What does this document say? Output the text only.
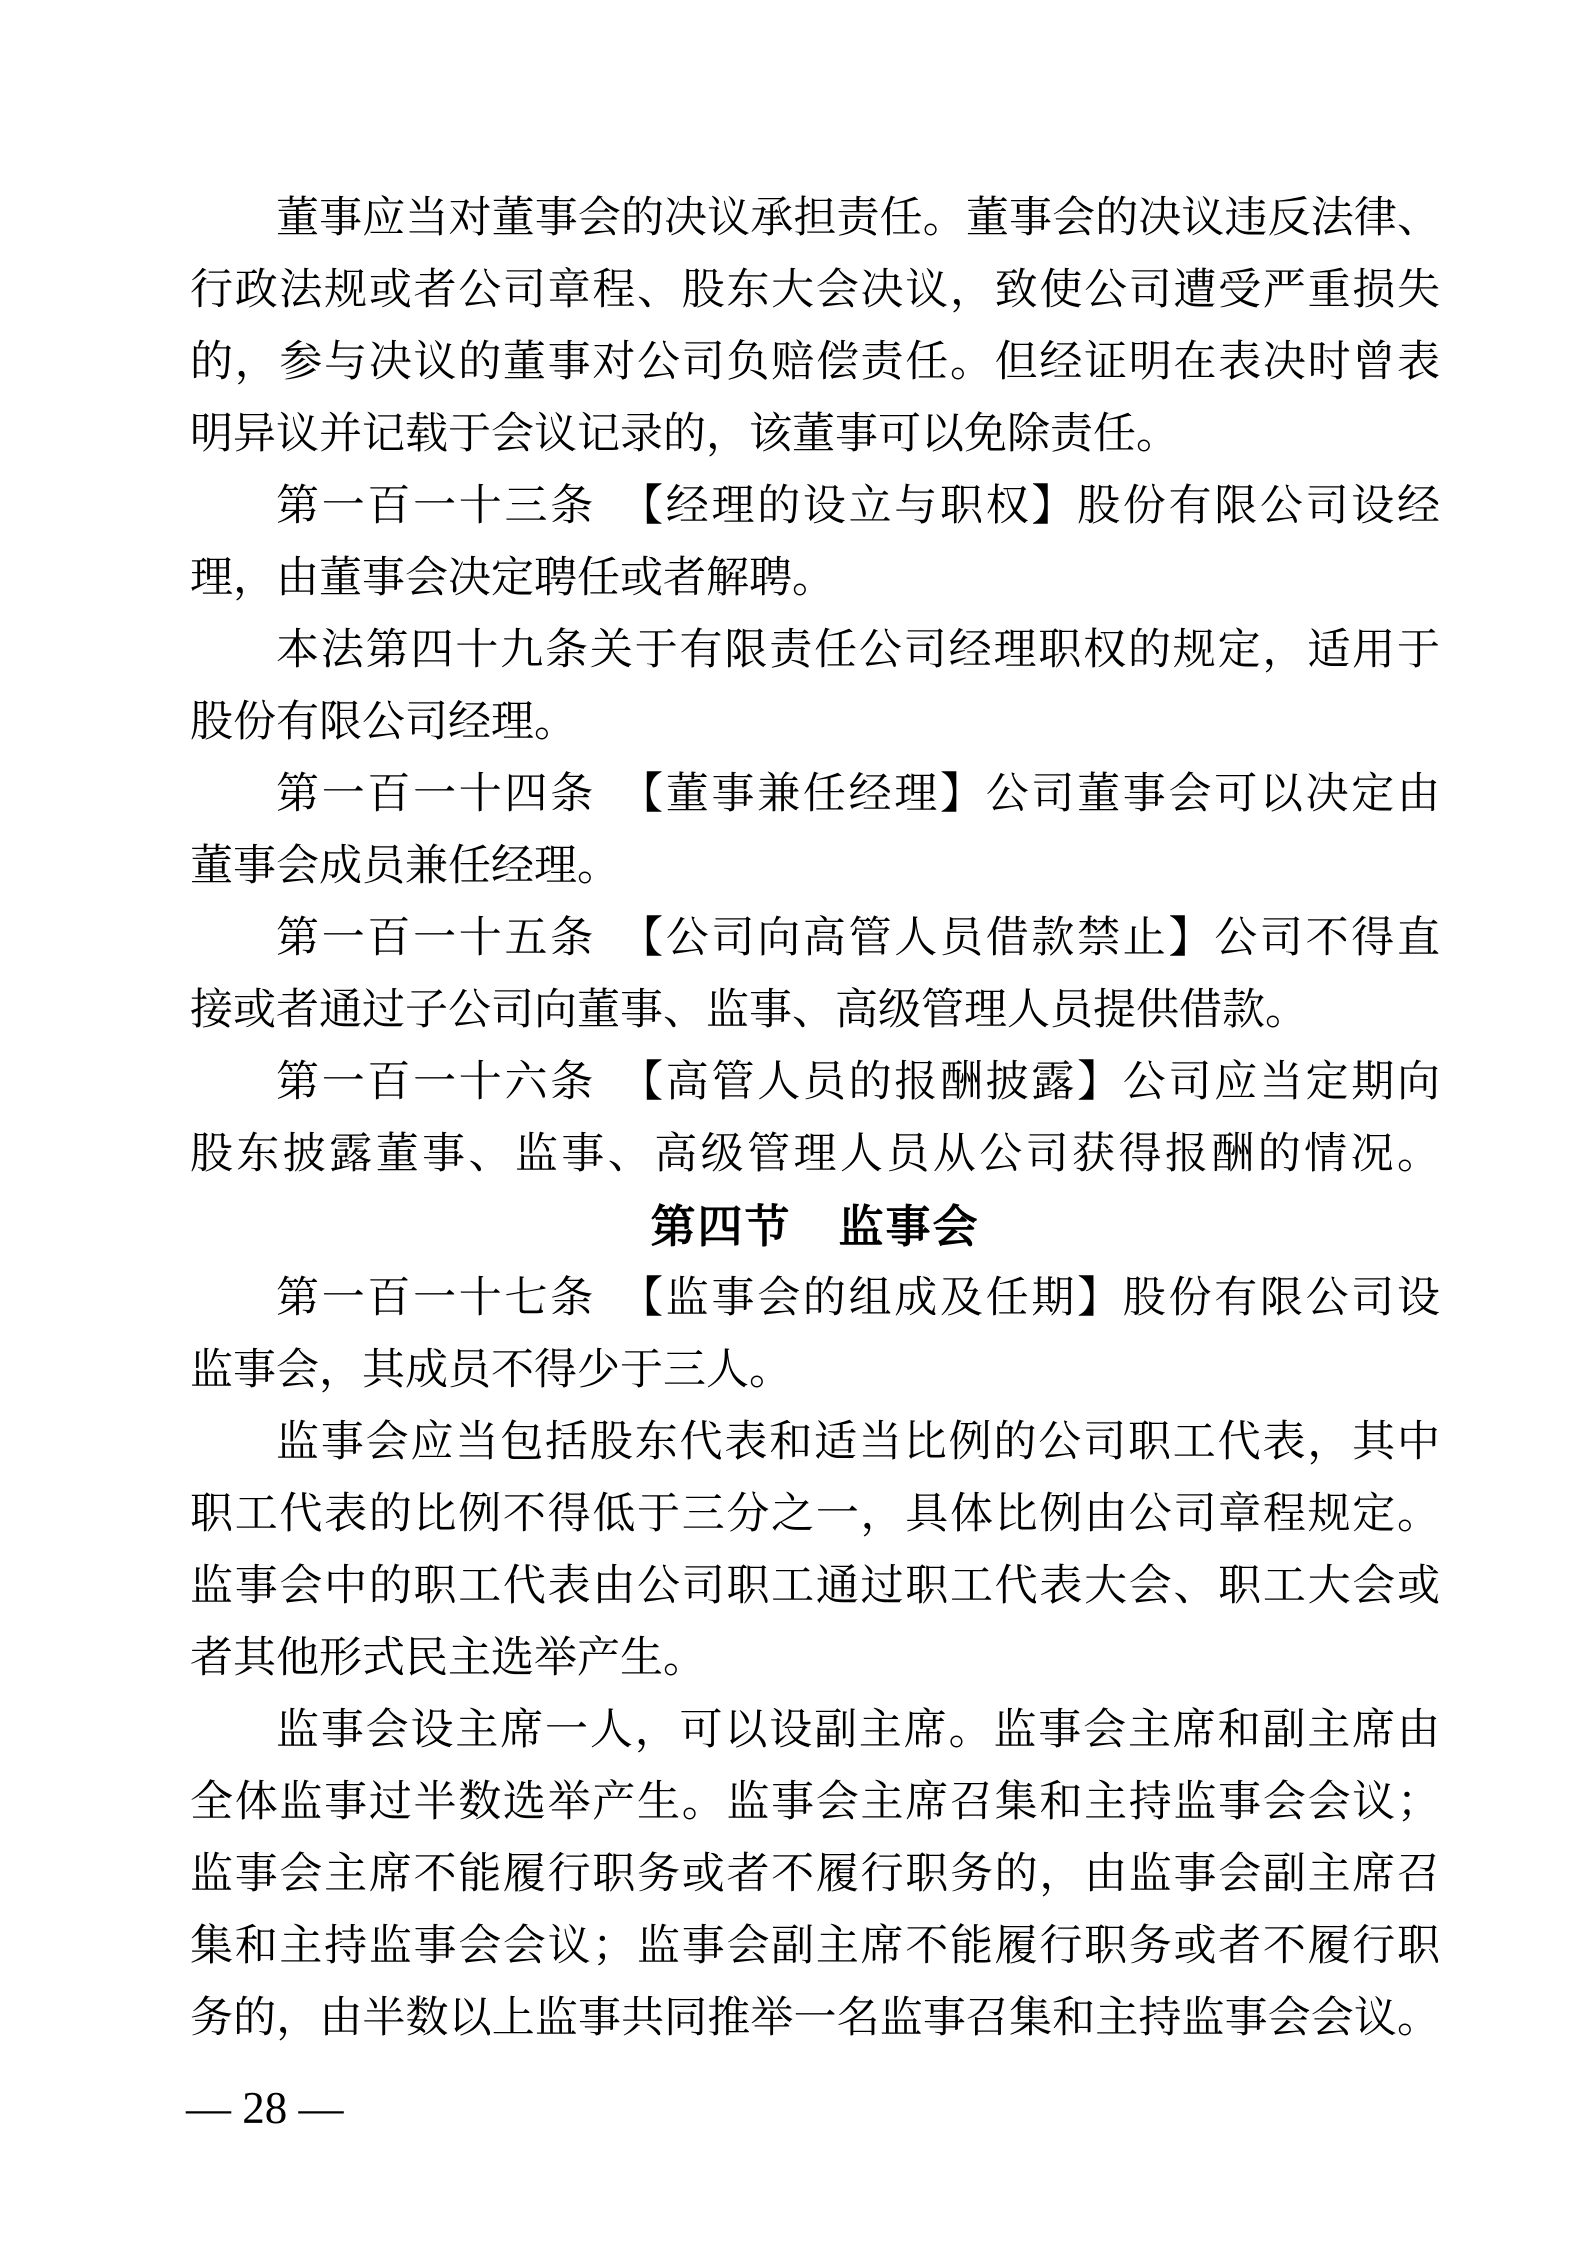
董事应当对董事会的决议承担责任。董事会的决议违反法律、
行政法规或者公司章程、股东大会决议，致使公司遭受严重损失
的，参与决议的董事对公司负赔偿责任。但经证明在表决时曾表
明异议并记载于会议记录的，该董事可以免除责任。
第一百一十三条　【经理的设立与职权】股份有限公司设经
理，由董事会决定聘任或者解聘。
本法第四十九条关于有限责任公司经理职权的规定，适用于
股份有限公司经理。
第一百一十四条　【董事兼任经理】公司董事会可以决定由
董事会成员兼任经理。
第一百一十五条　【公司向高管人员借款禁止】公司不得直
接或者通过子公司向董事、监事、高级管理人员提供借款。
第一百一十六条　【高管人员的报酬披露】公司应当定期向
股东披露董事、监事、高级管理人员从公司获得报酬的情况。
第四节　监事会
第一百一十七条　【监事会的组成及任期】股份有限公司设
监事会，其成员不得少于三人。
监事会应当包括股东代表和适当比例的公司职工代表，其中
职工代表的比例不得低于三分之一，具体比例由公司章程规定。
监事会中的职工代表由公司职工通过职工代表大会、职工大会或
者其他形式民主选举产生。
监事会设主席一人，可以设副主席。监事会主席和副主席由
全体监事过半数选举产生。监事会主席召集和主持监事会会议；
监事会主席不能履行职务或者不履行职务的，由监事会副主席召
集和主持监事会会议；监事会副主席不能履行职务或者不履行职
务的，由半数以上监事共同推举一名监事召集和主持监事会会议。
— 28 —
